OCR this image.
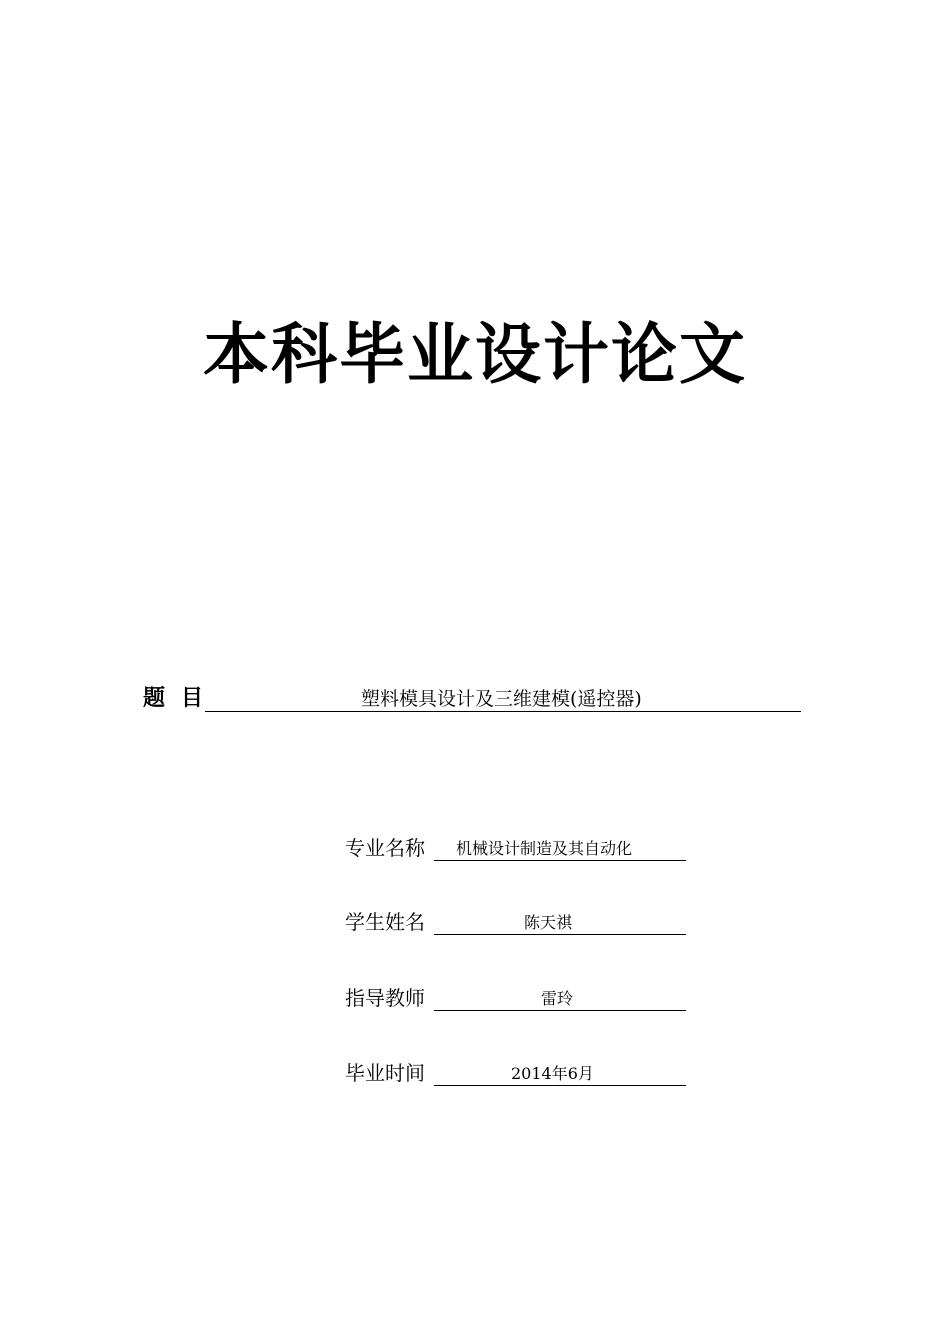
本科毕业设计论文
题 目	塑料模具设计及三维建模(遥控器)
专业名称 机械设计制造及其自动化
学生姓名	陈天祺
指导教师	雷玲
毕业时间	2014年6月
